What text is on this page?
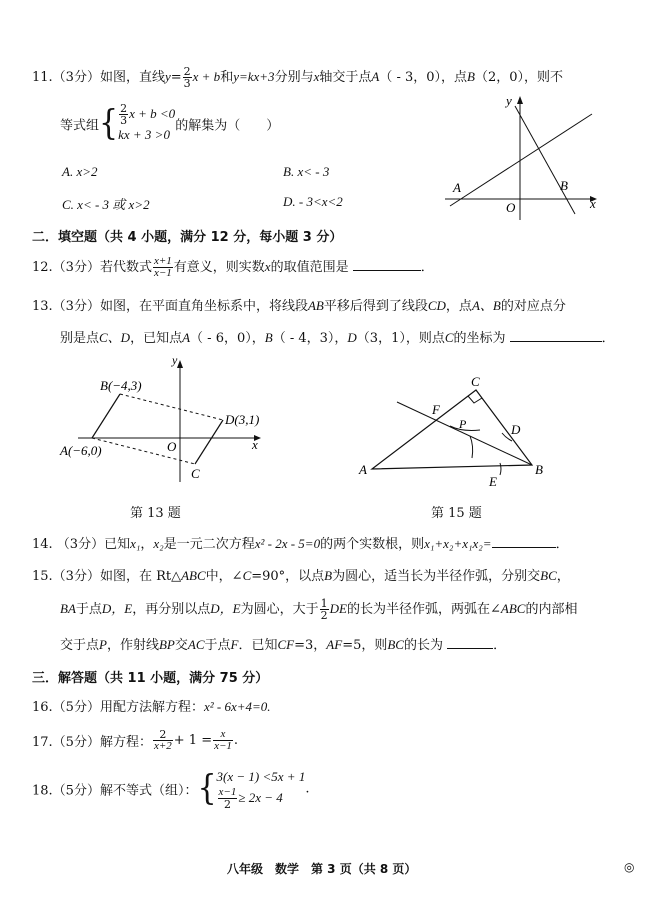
11.（3分）如图，直线$y= \frac{2}{3}$ x + b和y=kx+3分别与x轴交于点A（ - 3，0），点B（2，0），则不
等式组{ $\frac{2}{3}$ x + b <0
kx + 3 >0的解集为（　　）
A. x>2	B. x< - 3
C. x< - 3 或 x>2	D. - 3<x<2
y
x
O
A	B
二．填空题（共 4 小题，满分 12 分，每小题 3 分）
12.（3分）若代数式 $\frac{x+1}{x-1}$ 有意义，则实数x的取值范围是	．
13.（3分）如图，在平面直角坐标系中，将线段AB平移后得到了线段CD，点A、B的对应点分
别是点C、D，已知点A（ - 6，0），B（ - 4，3），D（3，1），则点C的坐标为	．
y
x
O
B(−4,3)
D(3,1)
A(−6,0)
C
第 13 题
C
F
P	D
A	B
E
第 15 题
14. （3分）已知x₁，x₂是一元二次方程x² - 2x - 5=0的两个实数根，则x₁+x₂+x₁x₂=	．
15.（3分）如图，在 Rt△ABC中，∠C=90°，以点B为圆心，适当长为半径作弧，分别交BC，
BA于点D，E，再分别以点D，E为圆心，大于 $\frac{1}{2}$ DE的长为半径作弧，两弧在∠ABC的内部相
交于点P，作射线BP交AC于点F．已知CF=3，AF=5，则BC的长为	．
三．解答题（共 11 小题，满分 75 分）
16.（5分）用配方法解方程：x² - 6x+4=0.
17.（5分）解方程： $\frac{2}{x+2} + 1 = \frac{x}{x-1}$ .
18.（5分）解不等式（组）：{3(x − 1) <5x + 1

$\frac{x-1}{2} \ge 2x - 4$.
八年级　数学　第 3 页（共 8 页）	◎
